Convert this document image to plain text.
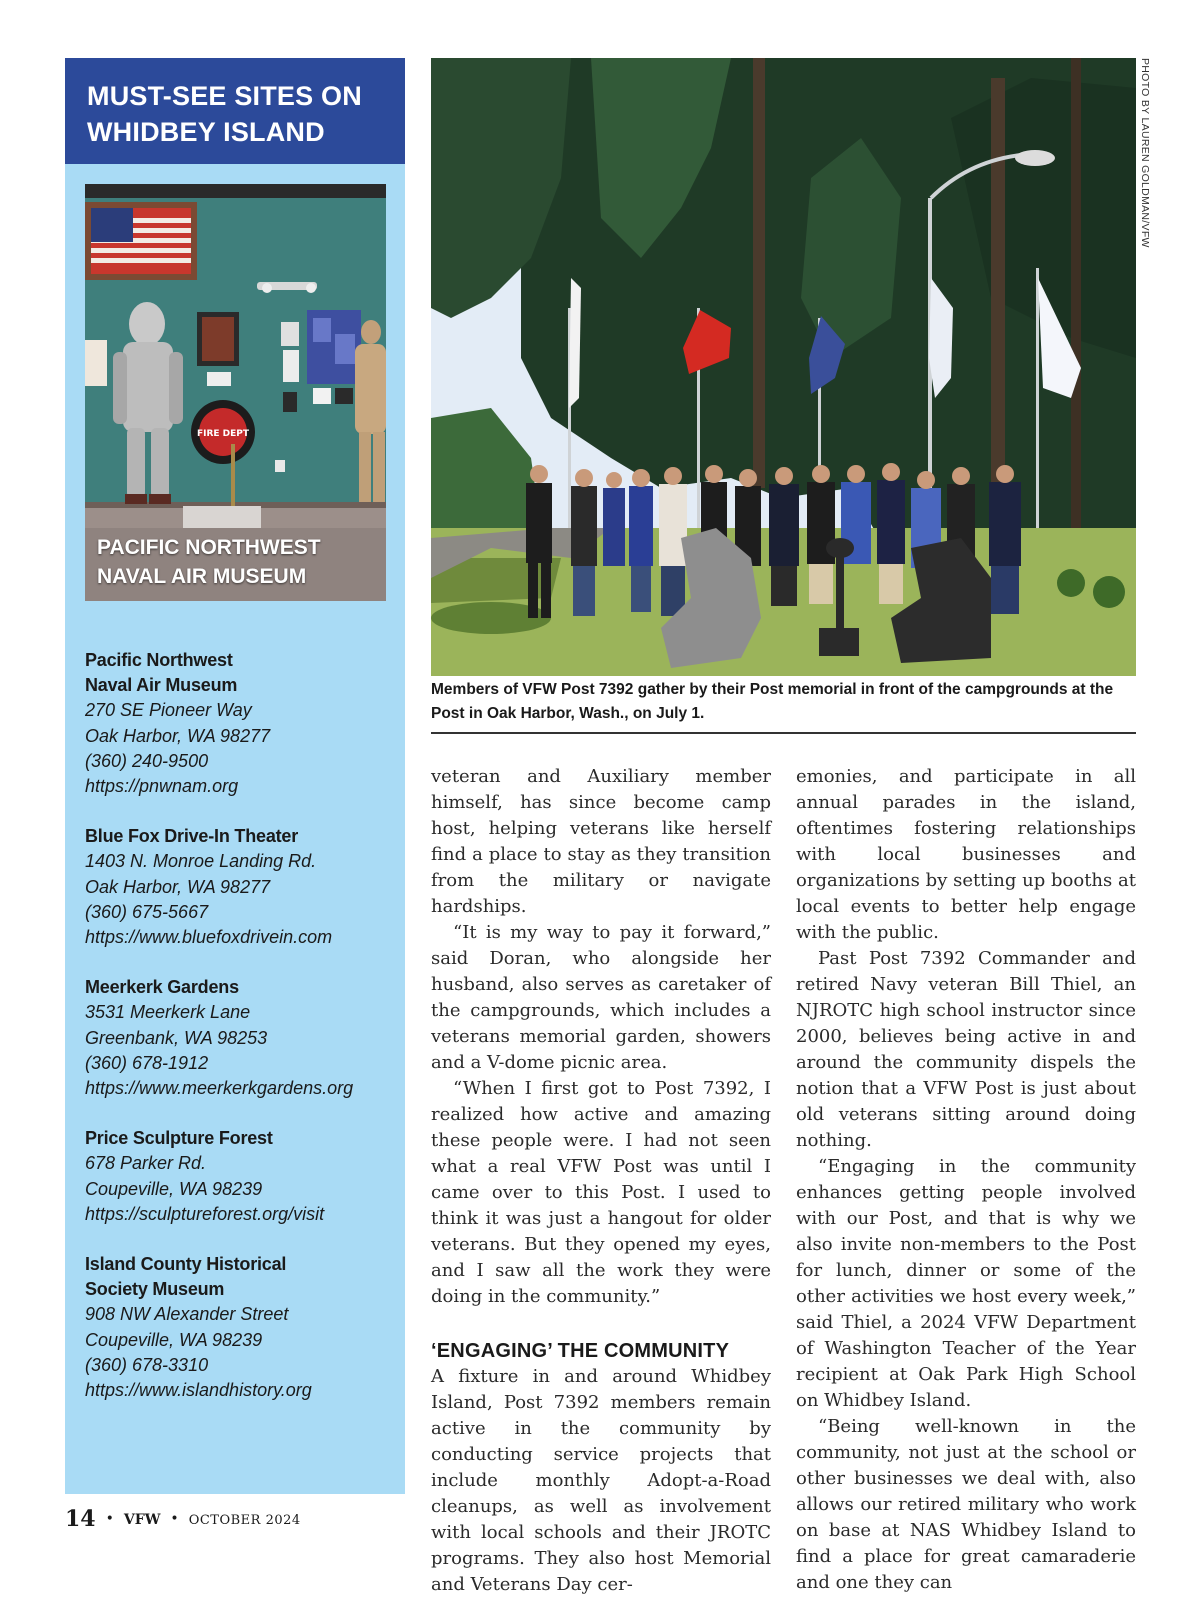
MUST-SEE SITES ON
WHIDBEY ISLAND
FIRE DEPT
PACIFIC NORTHWEST
NAVAL AIR MUSEUM
Pacific Northwest
Naval Air Museum
270 SE Pioneer Way
Oak Harbor, WA 98277
(360) 240-9500
https://pnwnam.org
Blue Fox Drive-In Theater
1403 N. Monroe Landing Rd.
Oak Harbor, WA 98277
(360) 675-5667
https://www.bluefoxdrivein.com
Meerkerk Gardens
3531 Meerkerk Lane
Greenbank, WA 98253
(360) 678-1912
https://www.meerkerkgardens.org
Price Sculpture Forest
678 Parker Rd.
Coupeville, WA 98239
https://sculptureforest.org/visit
Island County Historical
Society Museum
908 NW Alexander Street
Coupeville, WA 98239
(360) 678-3310
https://www.islandhistory.org
PHOTO BY LAUREN GOLDMAN/VFW
Members of VFW Post 7392 gather by their Post memorial in front of the campgrounds at the Post in Oak Harbor, Wash., on July 1.

veteran and Auxiliary member himself, has since become camp host, helping veterans like herself find a place to stay as they transition from the military or navigate hardships.

“It is my way to pay it forward,” said Doran, who alongside her husband, also serves as caretaker of the campgrounds, which includes a veterans memorial garden, showers and a V-dome picnic area.

“When I first got to Post 7392, I realized how active and amazing these people were. I had not seen what a real VFW Post was until I came over to this Post. I used to think it was just a hangout for older veterans. But they opened my eyes, and I saw all the work they were doing in the community.”

‘ENGAGING’ THE COMMUNITY

A fixture in and around Whidbey Island, Post 7392 members remain active in the community by conducting service projects that include monthly Adopt-a-Road cleanups, as well as involvement with local schools and their JROTC programs. They also host Memorial and Veterans Day cer-

emonies, and participate in all annual parades in the island, oftentimes fostering relationships with local businesses and organizations by setting up booths at local events to better help engage with the public.

Past Post 7392 Commander and retired Navy veteran Bill Thiel, an NJROTC high school instructor since 2000, believes being active in and around the community dispels the notion that a VFW Post is just about old veterans sitting around doing nothing.

“Engaging in the community enhances getting people involved with our Post, and that is why we also invite non-members to the Post for lunch, dinner or some of the other activities we host every week,” said Thiel, a 2024 VFW Department of Washington Teacher of the Year recipient at Oak Park High School on Whidbey Island.

“Being well-known in the community, not just at the school or other businesses we deal with, also allows our retired military who work on base at NAS Whidbey Island to find a place for great camaraderie and one they can

14 • VFW • OCTOBER 2024
